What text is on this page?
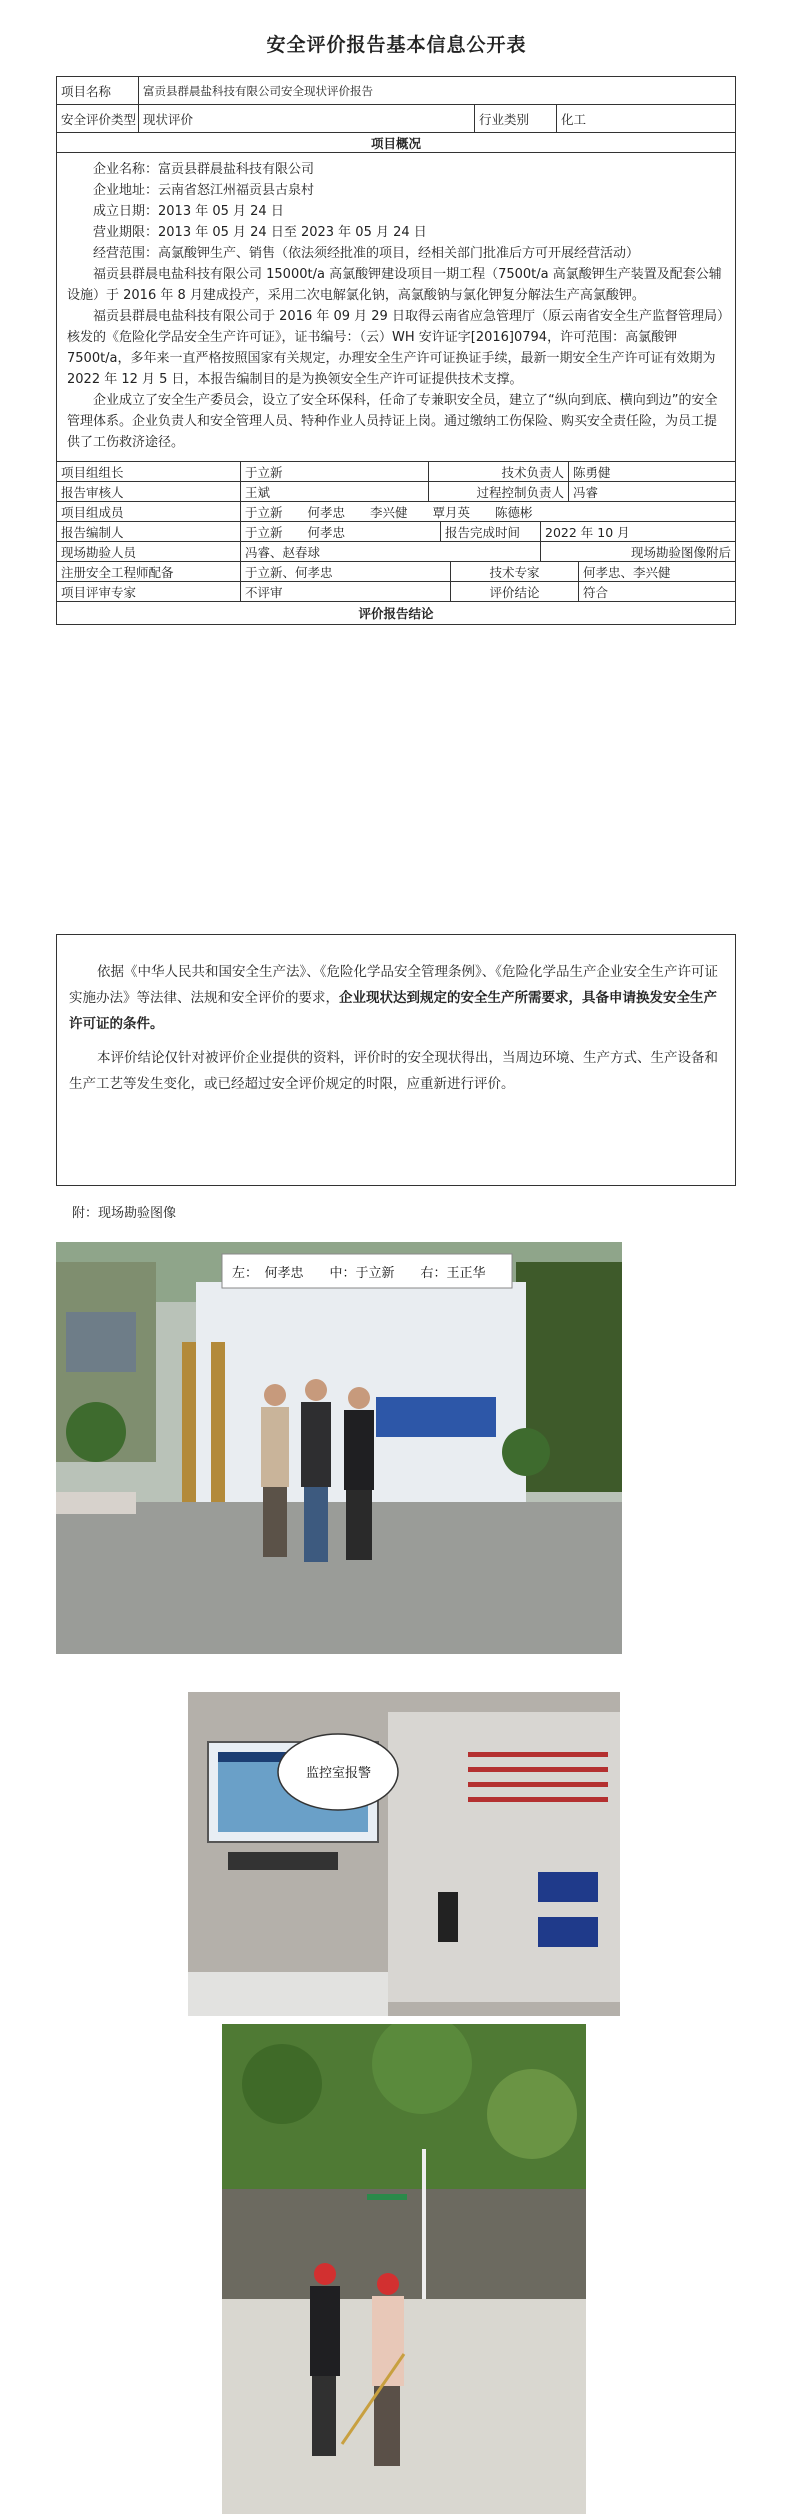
安全评价报告基本信息公开表
项目名称	富贡县群晨盐科技有限公司安全现状评价报告
安全评价类型 现状评价	行业类别	化工
项目概况

企业名称：富贡县群晨盐科技有限公司

企业地址：云南省怒江州福贡县古泉村

成立日期：2013 年 05 月 24 日

营业期限：2013 年 05 月 24 日至 2023 年 05 月 24 日

经营范围：高氯酸钾生产、销售（依法须经批准的项目，经相关部门批准后方可开展经营活动）

福贡县群晨电盐科技有限公司 15000t/a 高氯酸钾建设项目一期工程（7500t/a 高氯酸钾生产装置及配套公辅设施）于 2016 年 8 月建成投产，采用二次电解氯化钠，高氯酸钠与氯化钾复分解法生产高氯酸钾。

福贡县群晨电盐科技有限公司于 2016 年 09 月 29 日取得云南省应急管理厅（原云南省安全生产监督管理局）核发的《危险化学品安全生产许可证》，证书编号：（云）WH 安许证字[2016]0794，许可范围：高氯酸钾 7500t/a，多年来一直严格按照国家有关规定，办理安全生产许可证换证手续，最新一期安全生产许可证有效期为 2022 年 12 月 5 日，本报告编制目的是为换领安全生产许可证提供技术支撑。

企业成立了安全生产委员会，设立了安全环保科，任命了专兼职安全员，建立了“纵向到底、横向到边”的安全管理体系。企业负责人和安全管理人员、特种作业人员持证上岗。通过缴纳工伤保险、购买安全责任险，为员工提供了工伤救济途径。

项目组组长	于立新	技术负责人 陈勇健
报告审核人	王斌	过程控制负责人 冯睿
项目组成员	于立新　　何孝忠　　李兴健　　覃月英　　陈德彬
报告编制人	于立新　　何孝忠	报告完成时间	2022 年 10 月
现场勘验人员	冯睿、赵春球	现场勘验图像附后
注册安全工程师配备	于立新、何孝忠	技术专家	何孝忠、李兴健
项目评审专家	不评审	评价结论	符合
评价报告结论

依据《中华人民共和国安全生产法》、《危险化学品安全管理条例》、《危险化学品生产企业安全生产许可证实施办法》等法律、法规和安全评价的要求，企业现状达到规定的安全生产所需要求，具备申请换发安全生产许可证的条件。

本评价结论仅针对被评价企业提供的资料，评价时的安全现状得出，当周边环境、生产方式、生产设备和生产工艺等发生变化，或已经超过安全评价规定的时限，应重新进行评价。

附：现场勘验图像
左：　何孝忠　　中：于立新　　右：王正华
监控室报警
